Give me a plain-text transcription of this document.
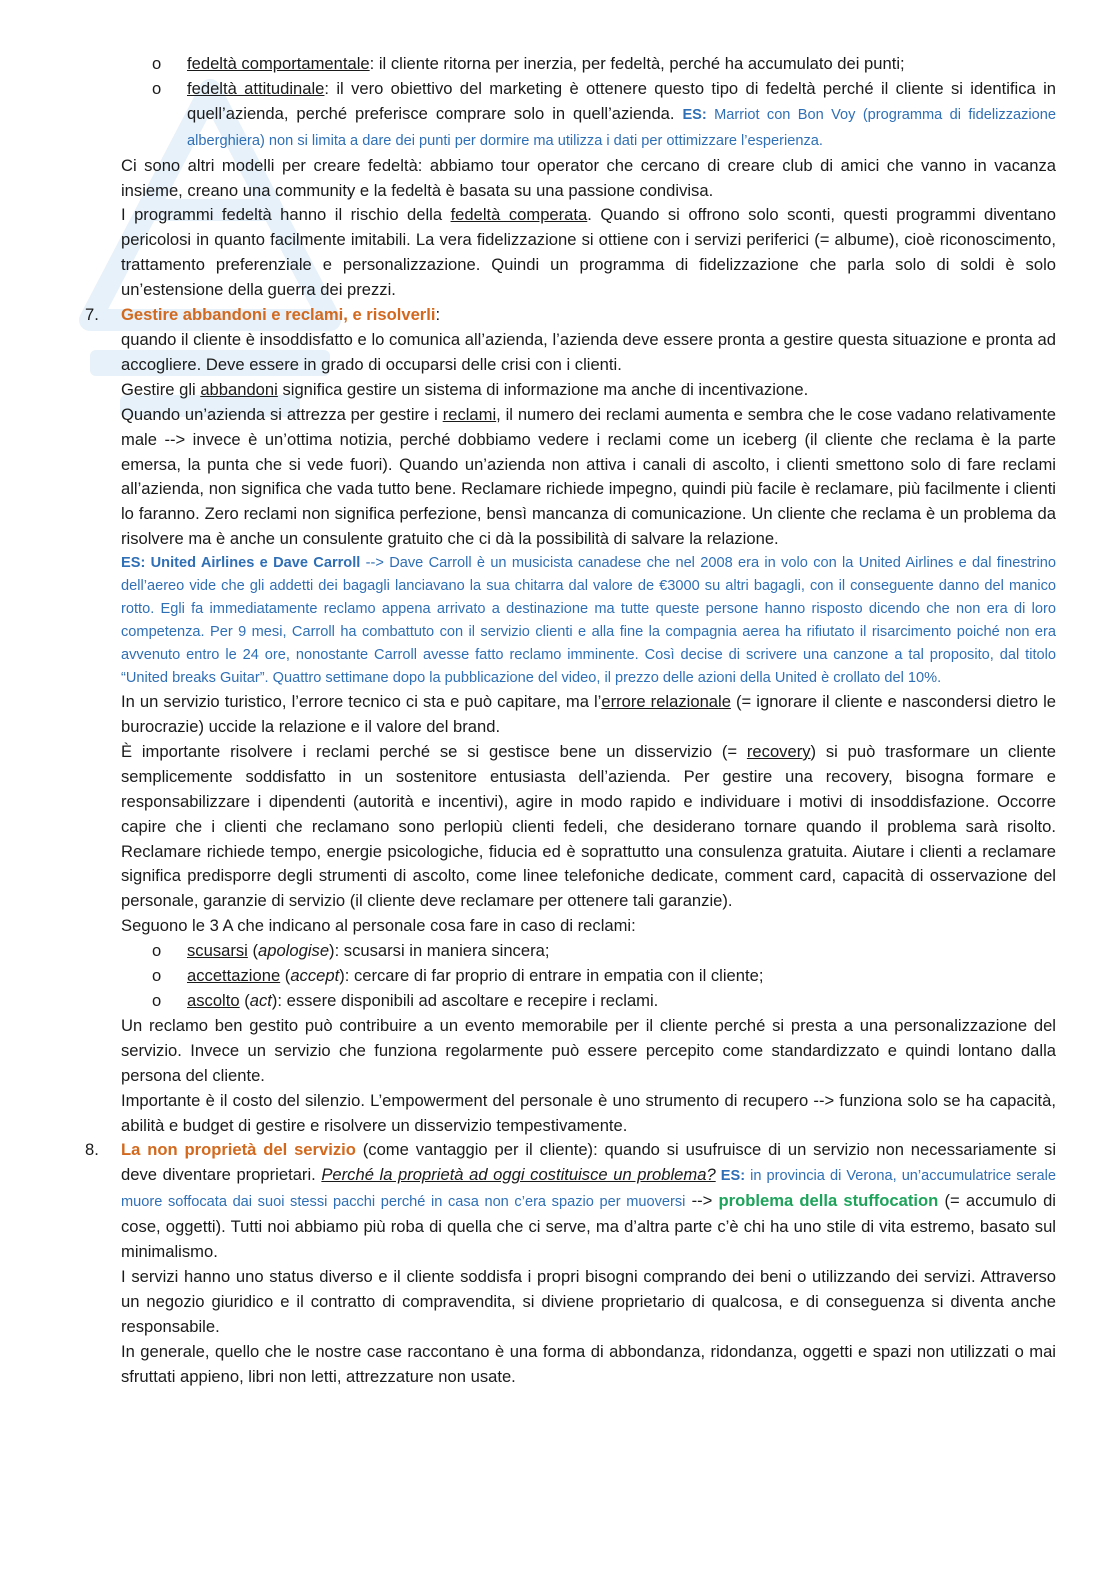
o fedeltà comportamentale: il cliente ritorna per inerzia, per fedeltà, perché ha accumulato dei punti;
o fedeltà attitudinale: il vero obiettivo del marketing è ottenere questo tipo di fedeltà perché il cliente si identifica in quell’azienda, perché preferisce comprare solo in quell’azienda. ES: Marriot con Bon Voy (programma di fidelizzazione alberghiera) non si limita a dare dei punti per dormire ma utilizza i dati per ottimizzare l’esperienza.
Ci sono altri modelli per creare fedeltà: abbiamo tour operator che cercano di creare club di amici che vanno in vacanza insieme, creano una community e la fedeltà è basata su una passione condivisa.
I programmi fedeltà hanno il rischio della fedeltà comperata. Quando si offrono solo sconti, questi programmi diventano pericolosi in quanto facilmente imitabili. La vera fidelizzazione si ottiene con i servizi periferici (= albume), cioè riconoscimento, trattamento preferenziale e personalizzazione. Quindi un programma di fidelizzazione che parla solo di soldi è solo un’estensione della guerra dei prezzi.
7. Gestire abbandoni e reclami, e risolverli:
quando il cliente è insoddisfatto e lo comunica all’azienda, l’azienda deve essere pronta a gestire questa situazione e pronta ad accogliere. Deve essere in grado di occuparsi delle crisi con i clienti.
Gestire gli abbandoni significa gestire un sistema di informazione ma anche di incentivazione.
Quando un’azienda si attrezza per gestire i reclami, il numero dei reclami aumenta e sembra che le cose vadano relativamente male --> invece è un’ottima notizia, perché dobbiamo vedere i reclami come un iceberg (il cliente che reclama è la parte emersa, la punta che si vede fuori). Quando un’azienda non attiva i canali di ascolto, i clienti smettono solo di fare reclami all’azienda, non significa che vada tutto bene. Reclamare richiede impegno, quindi più facile è reclamare, più facilmente i clienti lo faranno. Zero reclami non significa perfezione, bensì mancanza di comunicazione. Un cliente che reclama è un problema da risolvere ma è anche un consulente gratuito che ci dà la possibilità di salvare la relazione.
ES: United Airlines e Dave Carroll --> Dave Carroll è un musicista canadese che nel 2008 era in volo con la United Airlines e dal finestrino dell’aereo vide che gli addetti dei bagagli lanciavano la sua chitarra dal valore de €3000 su altri bagagli, con il conseguente danno del manico rotto. Egli fa immediatamente reclamo appena arrivato a destinazione ma tutte queste persone hanno risposto dicendo che non era di loro competenza. Per 9 mesi, Carroll ha combattuto con il servizio clienti e alla fine la compagnia aerea ha rifiutato il risarcimento poiché non era avvenuto entro le 24 ore, nonostante Carroll avesse fatto reclamo imminente. Così decise di scrivere una canzone a tal proposito, dal titolo “United breaks Guitar”. Quattro settimane dopo la pubblicazione del video, il prezzo delle azioni della United è crollato del 10%.
In un servizio turistico, l’errore tecnico ci sta e può capitare, ma l’errore relazionale (= ignorare il cliente e nascondersi dietro le burocrazie) uccide la relazione e il valore del brand.
È importante risolvere i reclami perché se si gestisce bene un disservizio (= recovery) si può trasformare un cliente semplicemente soddisfatto in un sostenitore entusiasta dell’azienda. Per gestire una recovery, bisogna formare e responsabilizzare i dipendenti (autorità e incentivi), agire in modo rapido e individuare i motivi di insoddisfazione. Occorre capire che i clienti che reclamano sono perlopiù clienti fedeli, che desiderano tornare quando il problema sarà risolto. Reclamare richiede tempo, energie psicologiche, fiducia ed è soprattutto una consulenza gratuita. Aiutare i clienti a reclamare significa predisporre degli strumenti di ascolto, come linee telefoniche dedicate, comment card, capacità di osservazione del personale, garanzie di servizio (il cliente deve reclamare per ottenere tali garanzie).
Seguono le 3 A che indicano al personale cosa fare in caso di reclami:
o scusarsi (apologise): scusarsi in maniera sincera;
o accettazione (accept): cercare di far proprio di entrare in empatia con il cliente;
o ascolto (act): essere disponibili ad ascoltare e recepire i reclami.
Un reclamo ben gestito può contribuire a un evento memorabile per il cliente perché si presta a una personalizzazione del servizio. Invece un servizio che funziona regolarmente può essere percepito come standardizzato e quindi lontano dalla persona del cliente.
Importante è il costo del silenzio. L’empowerment del personale è uno strumento di recupero --> funziona solo se ha capacità, abilità e budget di gestire e risolvere un disservizio tempestivamente.
8. La non proprietà del servizio (come vantaggio per il cliente): quando si usufruisce di un servizio non necessariamente si deve diventare proprietari. Perché la proprietà ad oggi costituisce un problema? ES: in provincia di Verona, un’accumulatrice serale muore soffocata dai suoi stessi pacchi perché in casa non c’era spazio per muoversi --> problema della stuffocation (= accumulo di cose, oggetti). Tutti noi abbiamo più roba di quella che ci serve, ma d’altra parte c’è chi ha uno stile di vita estremo, basato sul minimalismo.
I servizi hanno uno status diverso e il cliente soddisfa i propri bisogni comprando dei beni o utilizzando dei servizi. Attraverso un negozio giuridico e il contratto di compravendita, si diviene proprietario di qualcosa, e di conseguenza si diventa anche responsabile.
In generale, quello che le nostre case raccontano è una forma di abbondanza, ridondanza, oggetti e spazi non utilizzati o mai sfruttati appieno, libri non letti, attrezzature non usate.
